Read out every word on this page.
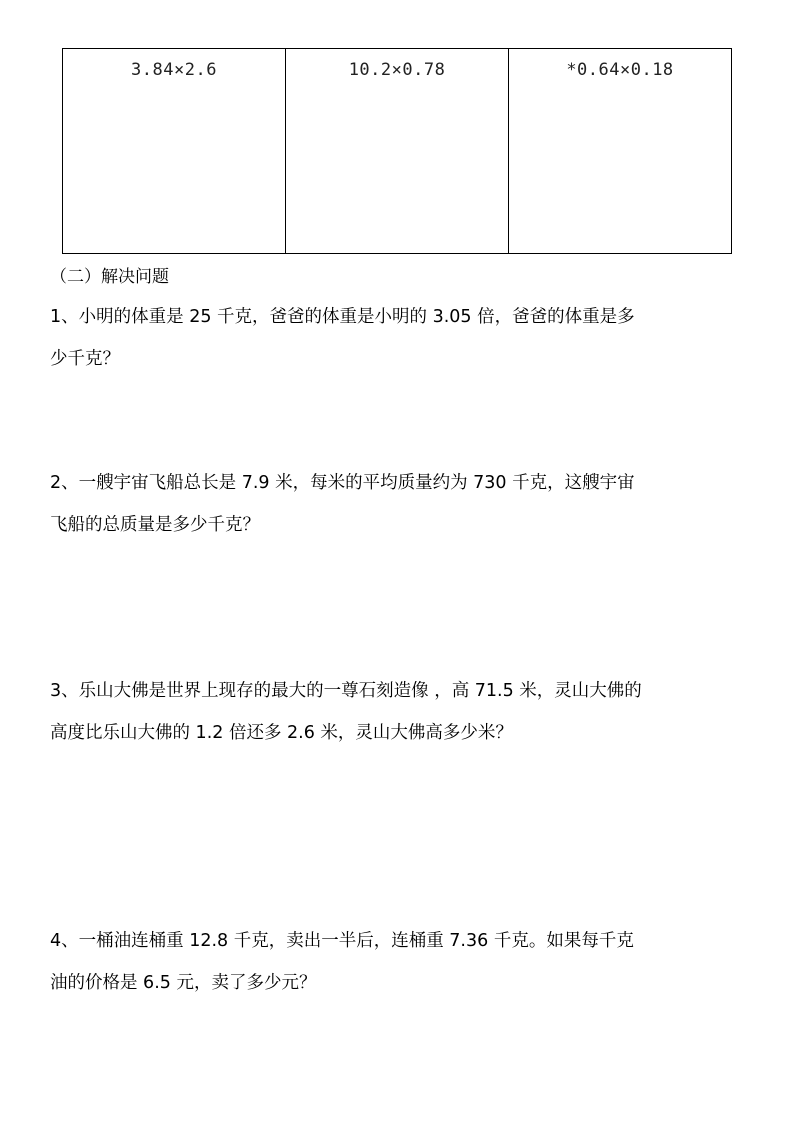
3.84×2.6	10.2×0.78	*0.64×0.18
（二）解决问题

1、小明的体重是 25 千克，爸爸的体重是小明的 3.05 倍，爸爸的体重是多
少千克？

2、一艘宇宙飞船总长是 7.9 米，每米的平均质量约为 730 千克，这艘宇宙
飞船的总质量是多少千克？

3、乐山大佛是世界上现存的最大的一尊石刻造像 ，高 71.5 米，灵山大佛的
高度比乐山大佛的 1.2 倍还多 2.6 米，灵山大佛高多少米？

4、一桶油连桶重 12.8 千克，卖出一半后，连桶重 7.36 千克。如果每千克
油的价格是 6.5 元，卖了多少元？
